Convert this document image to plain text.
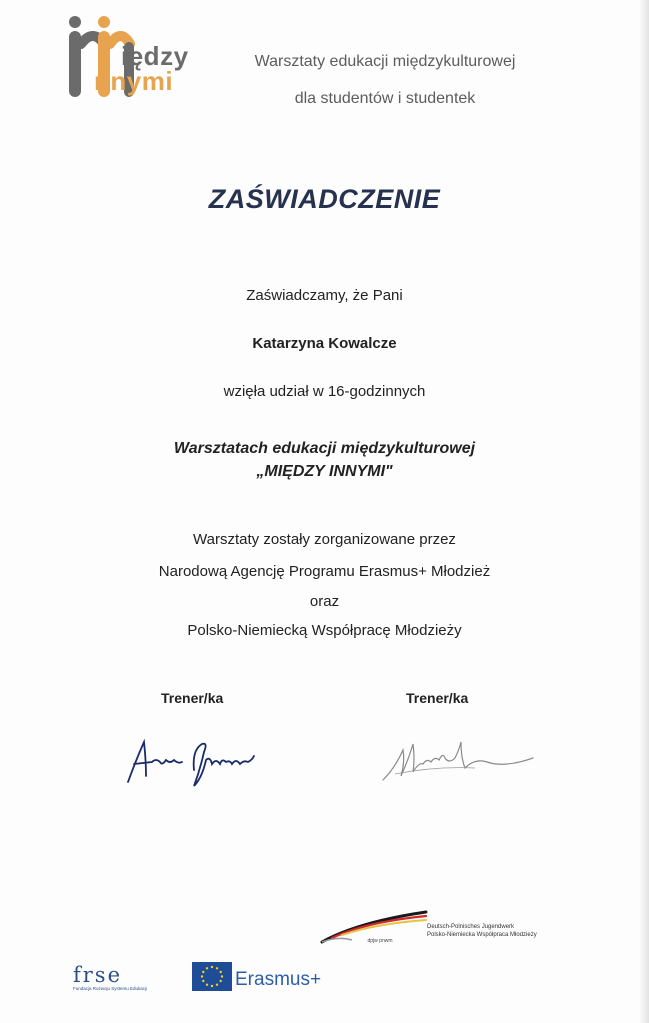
iędzy
nnymi
Warsztaty edukacji międzykulturowej
dla studentów i studentek
ZAŚWIADCZENIE
Zaświadczamy, że Pani
Katarzyna Kowalcze
wzięła udział w 16-godzinnych
Warsztatach edukacji międzykulturowej
„MIĘDZY INNYMI"
Warsztaty zostały zorganizowane przez
Narodową Agencję Programu Erasmus+ Młodzież
oraz
Polsko-Niemiecką Współpracę Młodzieży
Trener/ka	Trener/ka
dpjw pnwm
Deutsch-Polnisches Jugendwerk
Polsko-Niemiecka Współpraca Młodzieży
frse
Fundacja Rozwoju Systemu Edukacji	Erasmus+
